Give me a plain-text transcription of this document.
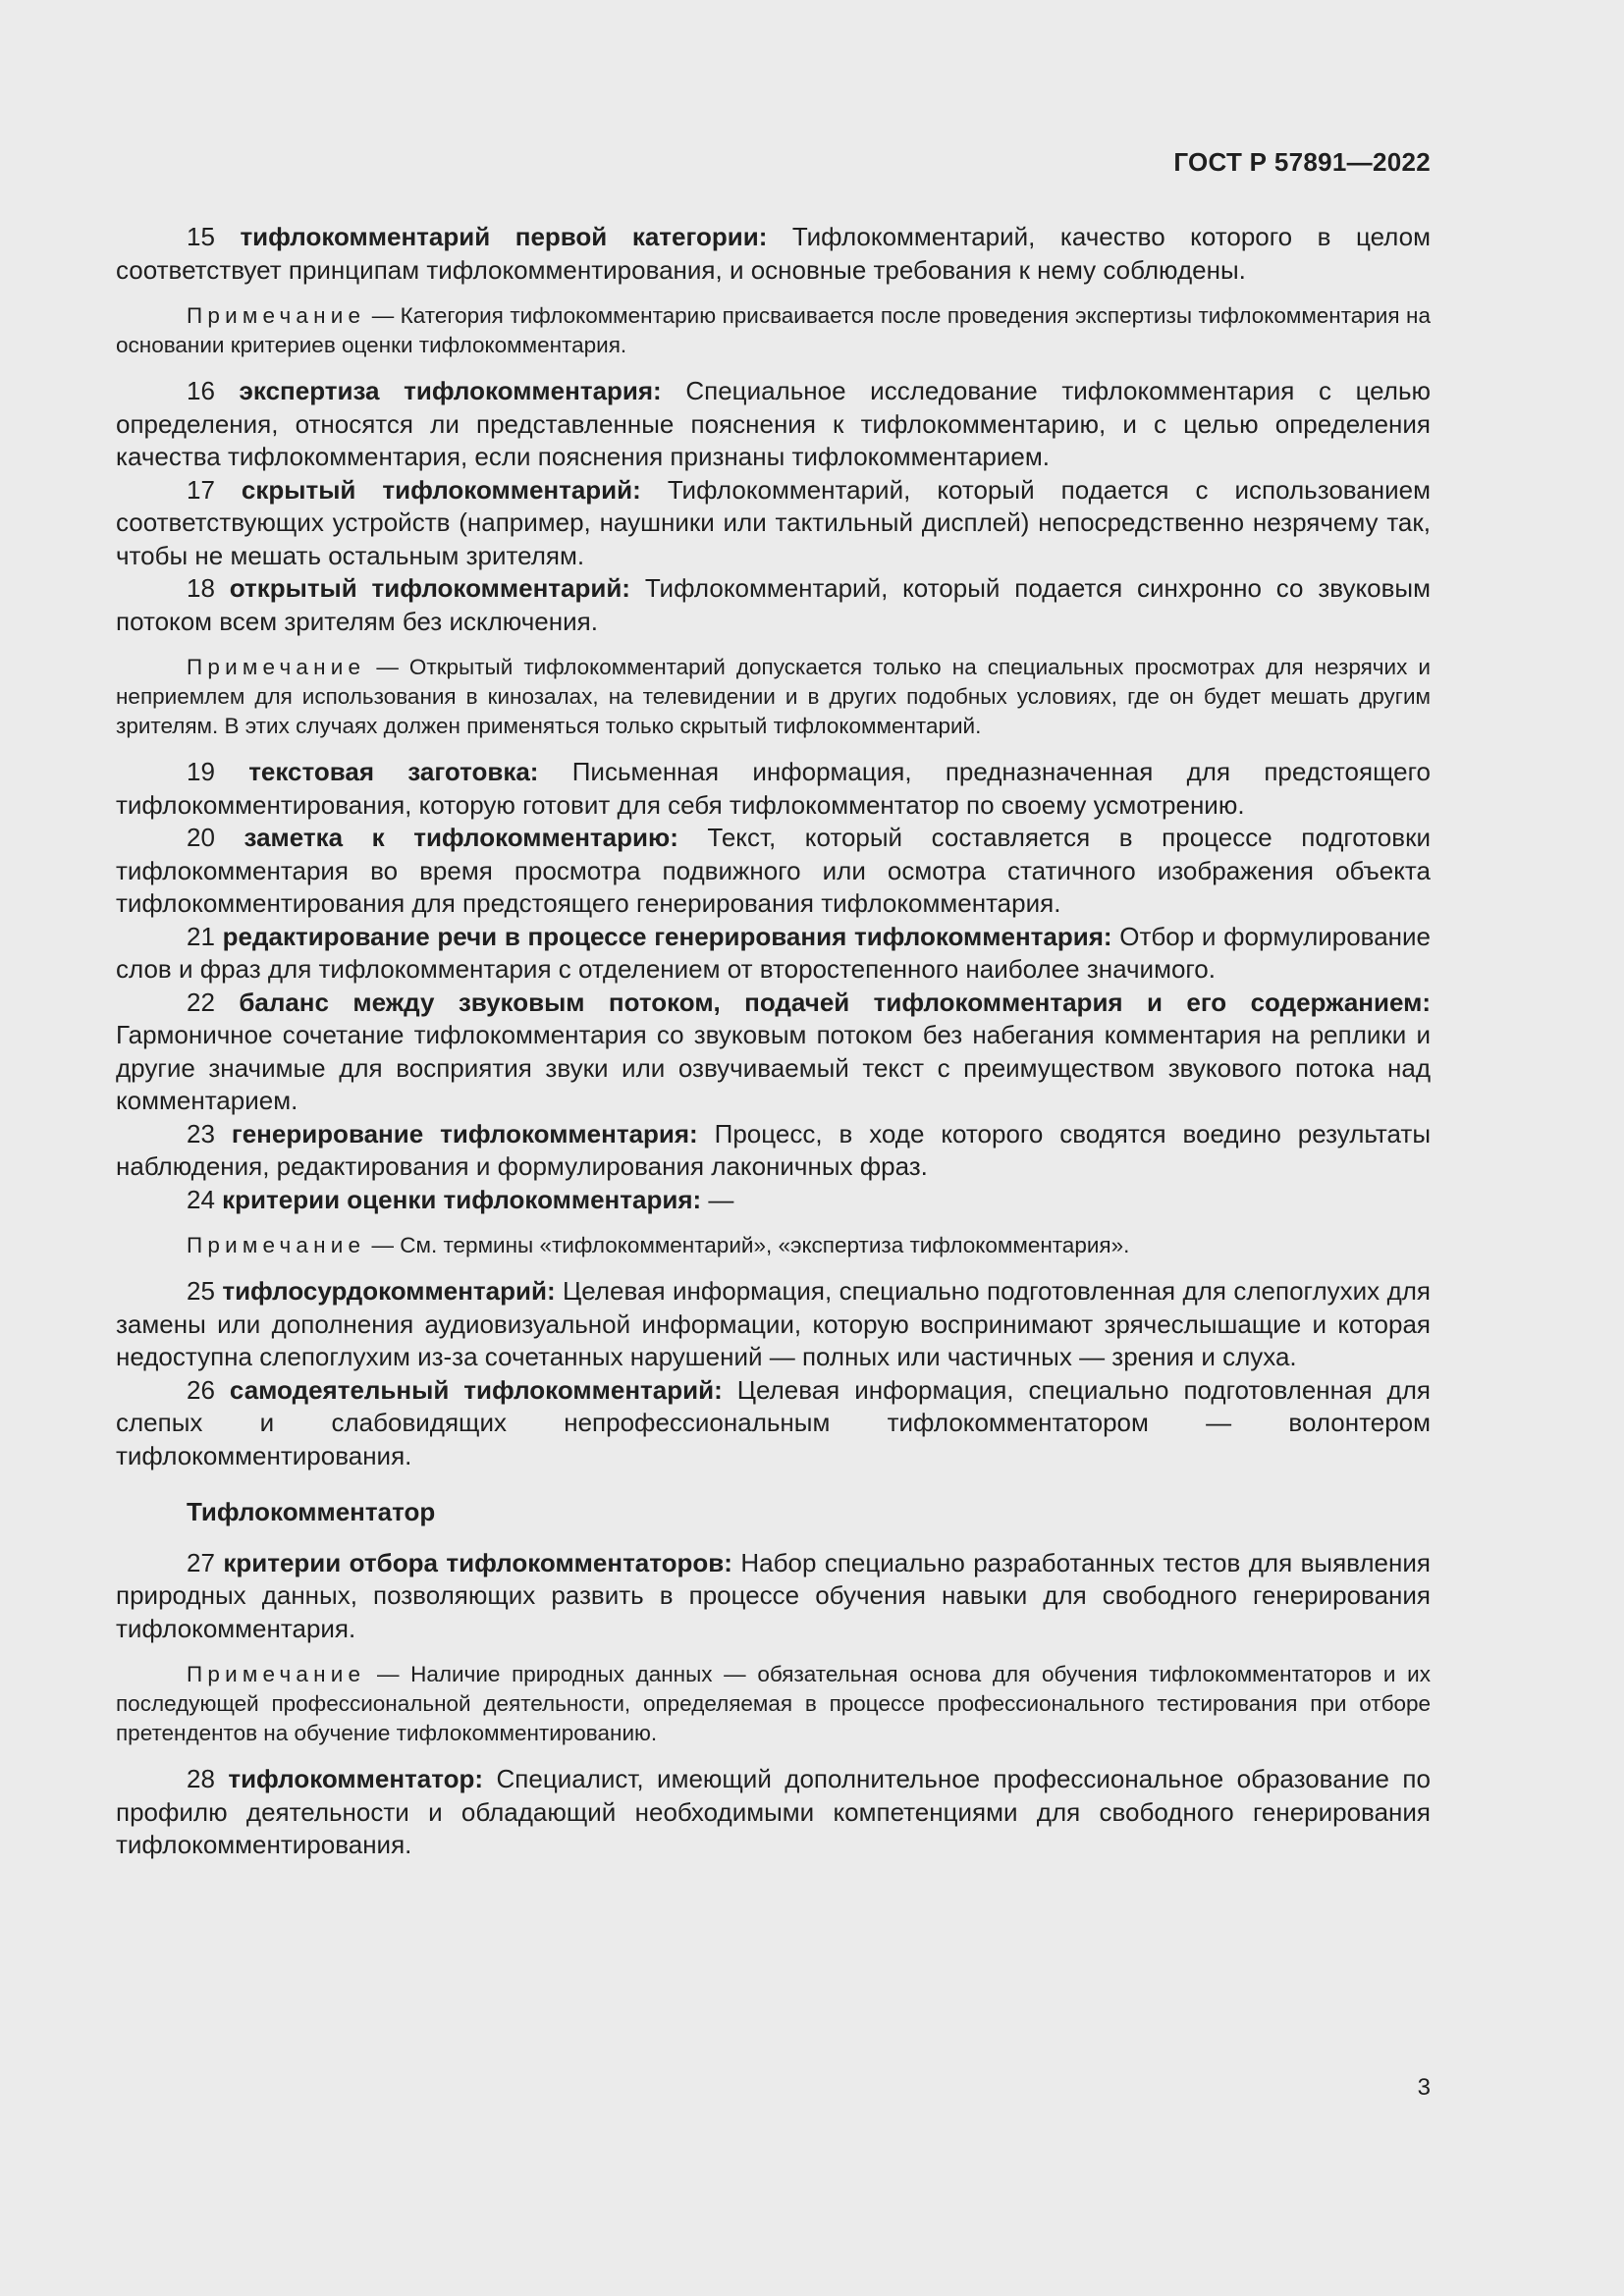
ГОСТ Р 57891—2022

15 тифлокомментарий первой категории: Тифлокомментарий, качество которого в целом соответствует принципам тифлокомментирования, и основные требования к нему соблюдены.

Примечание — Категория тифлокомментарию присваивается после проведения экспертизы тифлокомментария на основании критериев оценки тифлокомментария.

16 экспертиза тифлокомментария: Специальное исследование тифлокомментария с целью определения, относятся ли представленные пояснения к тифлокомментарию, и с целью определения качества тифлокомментария, если пояснения признаны тифлокомментарием.

17 скрытый тифлокомментарий: Тифлокомментарий, который подается с использованием соответствующих устройств (например, наушники или тактильный дисплей) непосредственно незрячему так, чтобы не мешать остальным зрителям.

18 открытый тифлокомментарий: Тифлокомментарий, который подается синхронно со звуковым потоком всем зрителям без исключения.

Примечание — Открытый тифлокомментарий допускается только на специальных просмотрах для незрячих и неприемлем для использования в кинозалах, на телевидении и в других подобных условиях, где он будет мешать другим зрителям. В этих случаях должен применяться только скрытый тифлокомментарий.

19 текстовая заготовка: Письменная информация, предназначенная для предстоящего тифлокомментирования, которую готовит для себя тифлокомментатор по своему усмотрению.

20 заметка к тифлокомментарию: Текст, который составляется в процессе подготовки тифлокомментария во время просмотра подвижного или осмотра статичного изображения объекта тифлокомментирования для предстоящего генерирования тифлокомментария.

21 редактирование речи в процессе генерирования тифлокомментария: Отбор и формулирование слов и фраз для тифлокомментария с отделением от второстепенного наиболее значимого.

22 баланс между звуковым потоком, подачей тифлокомментария и его содержанием: Гармоничное сочетание тифлокомментария со звуковым потоком без набегания комментария на реплики и другие значимые для восприятия звуки или озвучиваемый текст с преимуществом звукового потока над комментарием.

23 генерирование тифлокомментария: Процесс, в ходе которого сводятся воедино результаты наблюдения, редактирования и формулирования лаконичных фраз.

24 критерии оценки тифлокомментария: —

Примечание — См. термины «тифлокомментарий», «экспертиза тифлокомментария».

25 тифлосурдокомментарий: Целевая информация, специально подготовленная для слепоглухих для замены или дополнения аудиовизуальной информации, которую воспринимают зрячеслышащие и которая недоступна слепоглухим из-за сочетанных нарушений — полных или частичных — зрения и слуха.

26 самодеятельный тифлокомментарий: Целевая информация, специально подготовленная для слепых и слабовидящих непрофессиональным тифлокомментатором — волонтером тифлокомментирования.

Тифлокомментатор

27 критерии отбора тифлокомментаторов: Набор специально разработанных тестов для выявления природных данных, позволяющих развить в процессе обучения навыки для свободного генерирования тифлокомментария.

Примечание — Наличие природных данных — обязательная основа для обучения тифлокомментаторов и их последующей профессиональной деятельности, определяемая в процессе профессионального тестирования при отборе претендентов на обучение тифлокомментированию.

28 тифлокомментатор: Специалист, имеющий дополнительное профессиональное образование по профилю деятельности и обладающий необходимыми компетенциями для свободного генерирования тифлокомментирования.

3
